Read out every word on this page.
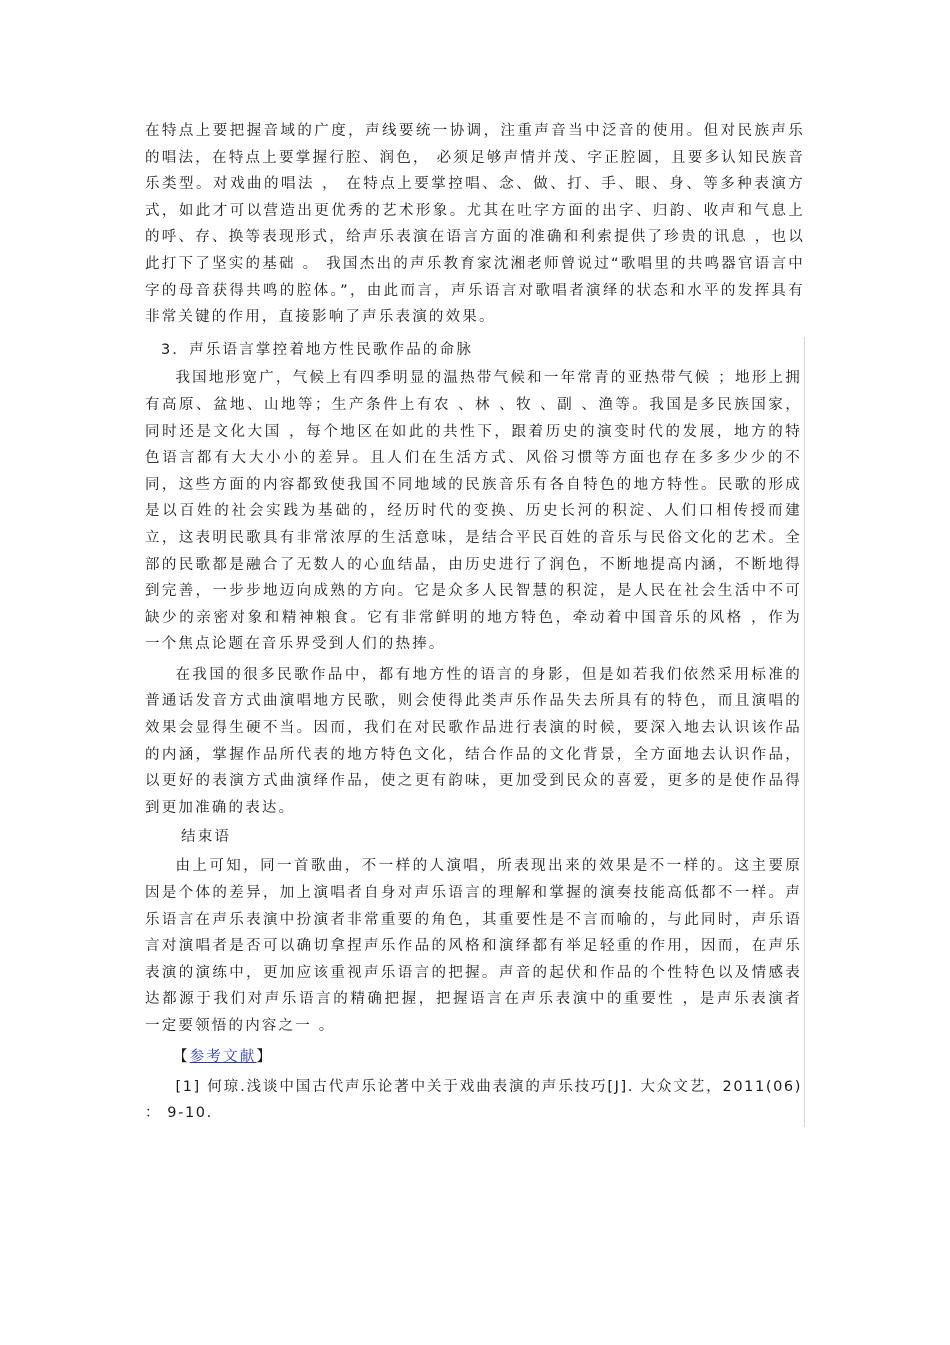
在特点上要把握音域的广度，声线要统一协调，注重声音当中泛音的使用。但对民族声乐的唱法，在特点上要掌握行腔、润色， 必须足够声情并茂、字正腔圆，且要多认知民族音乐类型。对戏曲的唱法 ， 在特点上要掌控唱、念、做、打、手、眼、身、等多种表演方式，如此才可以营造出更优秀的艺术形象。尤其在吐字方面的出字、归韵、收声和气息上的呼、存、换等表现形式，给声乐表演在语言方面的准确和利索提供了珍贵的讯息 ，也以此打下了坚实的基础 。 我国杰出的声乐教育家沈湘老师曾说过“歌唱里的共鸣器官语言中字的母音获得共鸣的腔体。”，由此而言，声乐语言对歌唱者演绎的状态和水平的发挥具有非常关键的作用，直接影响了声乐表演的效果。

3．声乐语言掌控着地方性民歌作品的命脉

我国地形宽广，气候上有四季明显的温热带气候和一年常青的亚热带气候 ；地形上拥有高原、盆地、山地等；生产条件上有农 、林 、牧 、副 、渔等。我国是多民族国家，同时还是文化大国 ，每个地区在如此的共性下，跟着历史的演变时代的发展，地方的特色语言都有大大小小的差异。且人们在生活方式、风俗习惯等方面也存在多多少少的不同，这些方面的内容都致使我国不同地域的民族音乐有各自特色的地方特性。民歌的形成是以百姓的社会实践为基础的，经历时代的变换、历史长河的积淀、人们口相传授而建立，这表明民歌具有非常浓厚的生活意味，是结合平民百姓的音乐与民俗文化的艺术。全部的民歌都是融合了无数人的心血结晶，由历史进行了润色，不断地提高内涵，不断地得到完善，一步步地迈向成熟的方向。它是众多人民智慧的积淀，是人民在社会生活中不可缺少的亲密对象和精神粮食。它有非常鲜明的地方特色，牵动着中国音乐的风格 ，作为一个焦点论题在音乐界受到人们的热捧。

在我国的很多民歌作品中，都有地方性的语言的身影，但是如若我们依然采用标准的普通话发音方式曲演唱地方民歌，则会使得此类声乐作品失去所具有的特色，而且演唱的效果会显得生硬不当。因而，我们在对民歌作品进行表演的时候，要深入地去认识该作品的内涵，掌握作品所代表的地方特色文化，结合作品的文化背景，全方面地去认识作品，以更好的表演方式曲演绎作品，使之更有韵味，更加受到民众的喜爱，更多的是使作品得到更加准确的表达。

结束语

由上可知，同一首歌曲，不一样的人演唱，所表现出来的效果是不一样的。这主要原因是个体的差异，加上演唱者自身对声乐语言的理解和掌握的演奏技能高低都不一样。声乐语言在声乐表演中扮演者非常重要的角色，其重要性是不言而喻的，与此同时，声乐语言对演唱者是否可以确切拿捏声乐作品的风格和演绎都有举足轻重的作用，因而，在声乐表演的演练中，更加应该重视声乐语言的把握。声音的起伏和作品的个性特色以及情感表达都源于我们对声乐语言的精确把握，把握语言在声乐表演中的重要性 ，是声乐表演者一定要领悟的内容之一 。

【参考文献】

[1] 何琼.浅谈中国古代声乐论著中关于戏曲表演的声乐技巧[J]. 大众文艺，2011(06) ： 9-10.
